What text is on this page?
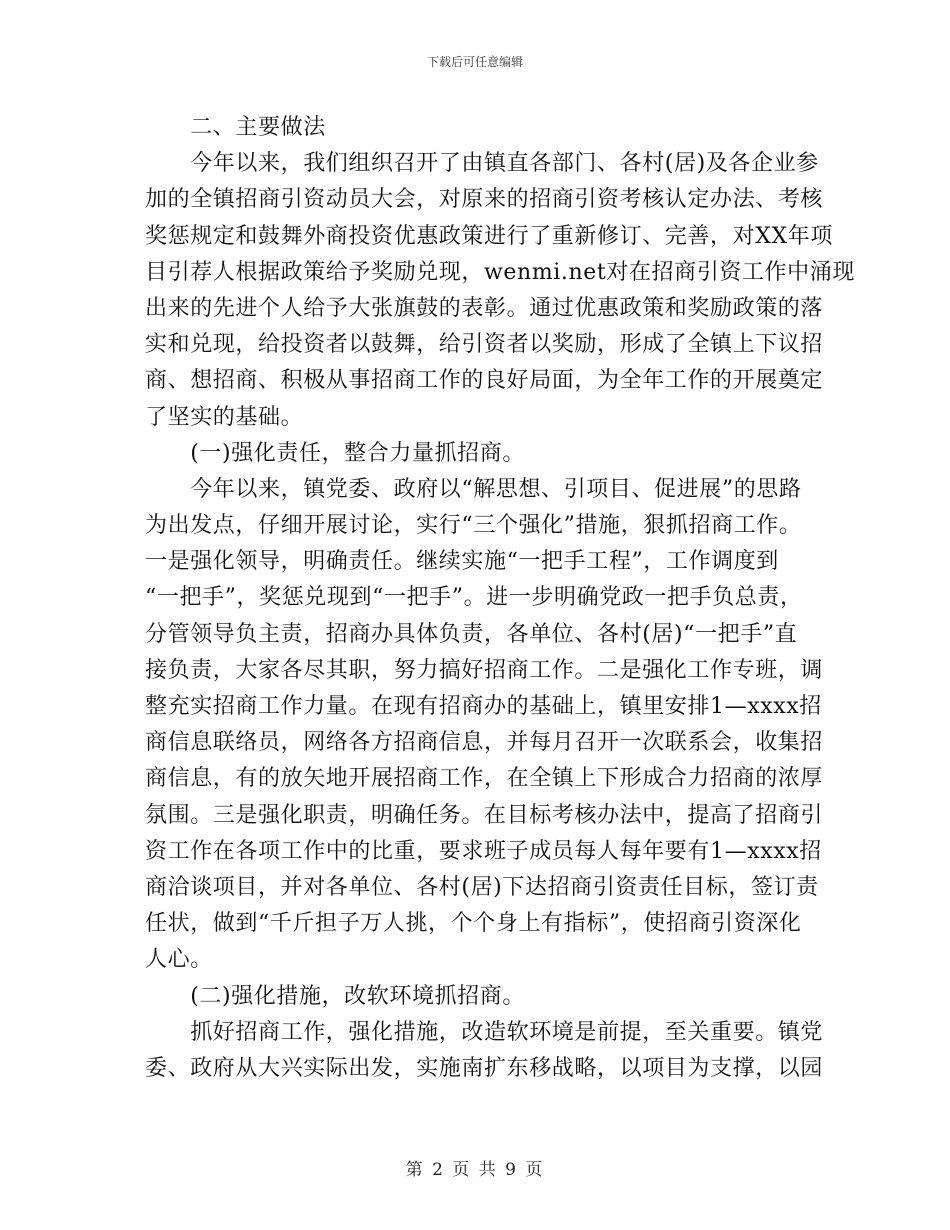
下载后可任意编辑
　　二、主要做法
　　今年以来，我们组织召开了由镇直各部门、各村(居)及各企业参
加的全镇招商引资动员大会，对原来的招商引资考核认定办法、考核
奖惩规定和鼓舞外商投资优惠政策进行了重新修订、完善，对XX年项
目引荐人根据政策给予奖励兑现，wenmi.net对在招商引资工作中涌现
出来的先进个人给予大张旗鼓的表彰。通过优惠政策和奖励政策的落
实和兑现，给投资者以鼓舞，给引资者以奖励，形成了全镇上下议招
商、想招商、积极从事招商工作的良好局面，为全年工作的开展奠定
了坚实的基础。
　　(一)强化责任，整合力量抓招商。
　　今年以来，镇党委、政府以“解思想、引项目、促进展”的思路
为出发点，仔细开展讨论，实行“三个强化”措施，狠抓招商工作。
一是强化领导，明确责任。继续实施“一把手工程”，工作调度到
“一把手”，奖惩兑现到“一把手”。进一步明确党政一把手负总责，
分管领导负主责，招商办具体负责，各单位、各村(居)“一把手”直
接负责，大家各尽其职，努力搞好招商工作。二是强化工作专班，调
整充实招商工作力量。在现有招商办的基础上，镇里安排1—xxxx招
商信息联络员，网络各方招商信息，并每月召开一次联系会，收集招
商信息，有的放矢地开展招商工作，在全镇上下形成合力招商的浓厚
氛围。三是强化职责，明确任务。在目标考核办法中，提高了招商引
资工作在各项工作中的比重，要求班子成员每人每年要有1—xxxx招
商洽谈项目，并对各单位、各村(居)下达招商引资责任目标，签订责
任状，做到“千斤担子万人挑，个个身上有指标”，使招商引资深化
人心。
　　(二)强化措施，改软环境抓招商。
　　抓好招商工作，强化措施，改造软环境是前提，至关重要。镇党
委、政府从大兴实际出发，实施南扩东移战略，以项目为支撑，以园
第 2 页 共 9 页
